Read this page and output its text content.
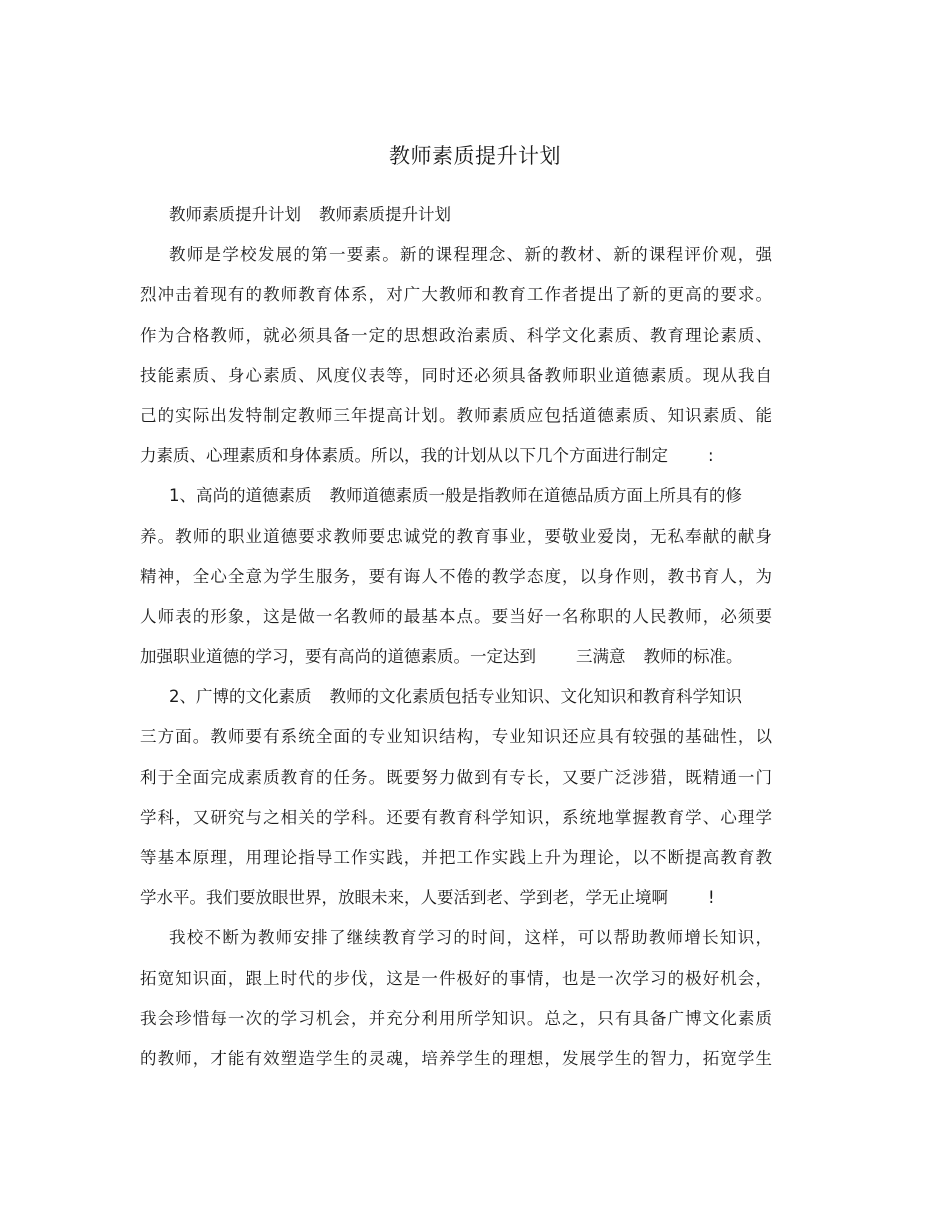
教师素质提升计划
教师素质提升计划 教师素质提升计划
教师是学校发展的第一要素。新的课程理念、新的教材、新的课程评价观，强
烈冲击着现有的教师教育体系，对广大教师和教育工作者提出了新的更高的要求。
作为合格教师，就必须具备一定的思想政治素质、科学文化素质、教育理论素质、
技能素质、身心素质、风度仪表等，同时还必须具备教师职业道德素质。现从我自
己的实际出发特制定教师三年提高计划。教师素质应包括道德素质、知识素质、能
力素质、心理素质和身体素质。所以，我的计划从以下几个方面进行制定 :
1、高尚的道德素质 教师道德素质一般是指教师在道德品质方面上所具有的修
养。教师的职业道德要求教师要忠诚党的教育事业，要敬业爱岗，无私奉献的献身
精神，全心全意为学生服务，要有诲人不倦的教学态度，以身作则，教书育人，为
人师表的形象，这是做一名教师的最基本点。要当好一名称职的人民教师，必须要
加强职业道德的学习，要有高尚的道德素质。一定达到 三满意 教师的标准。
2、广博的文化素质 教师的文化素质包括专业知识、文化知识和教育科学知识
三方面。教师要有系统全面的专业知识结构，专业知识还应具有较强的基础性，以
利于全面完成素质教育的任务。既要努力做到有专长，又要广泛涉猎，既精通一门
学科，又研究与之相关的学科。还要有教育科学知识，系统地掌握教育学、心理学
等基本原理，用理论指导工作实践，并把工作实践上升为理论，以不断提高教育教
学水平。我们要放眼世界，放眼未来，人要活到老、学到老，学无止境啊 !
我校不断为教师安排了继续教育学习的时间，这样，可以帮助教师增长知识，
拓宽知识面，跟上时代的步伐，这是一件极好的事情，也是一次学习的极好机会，
我会珍惜每一次的学习机会，并充分利用所学知识。总之，只有具备广博文化素质
的教师，才能有效塑造学生的灵魂，培养学生的理想，发展学生的智力，拓宽学生
